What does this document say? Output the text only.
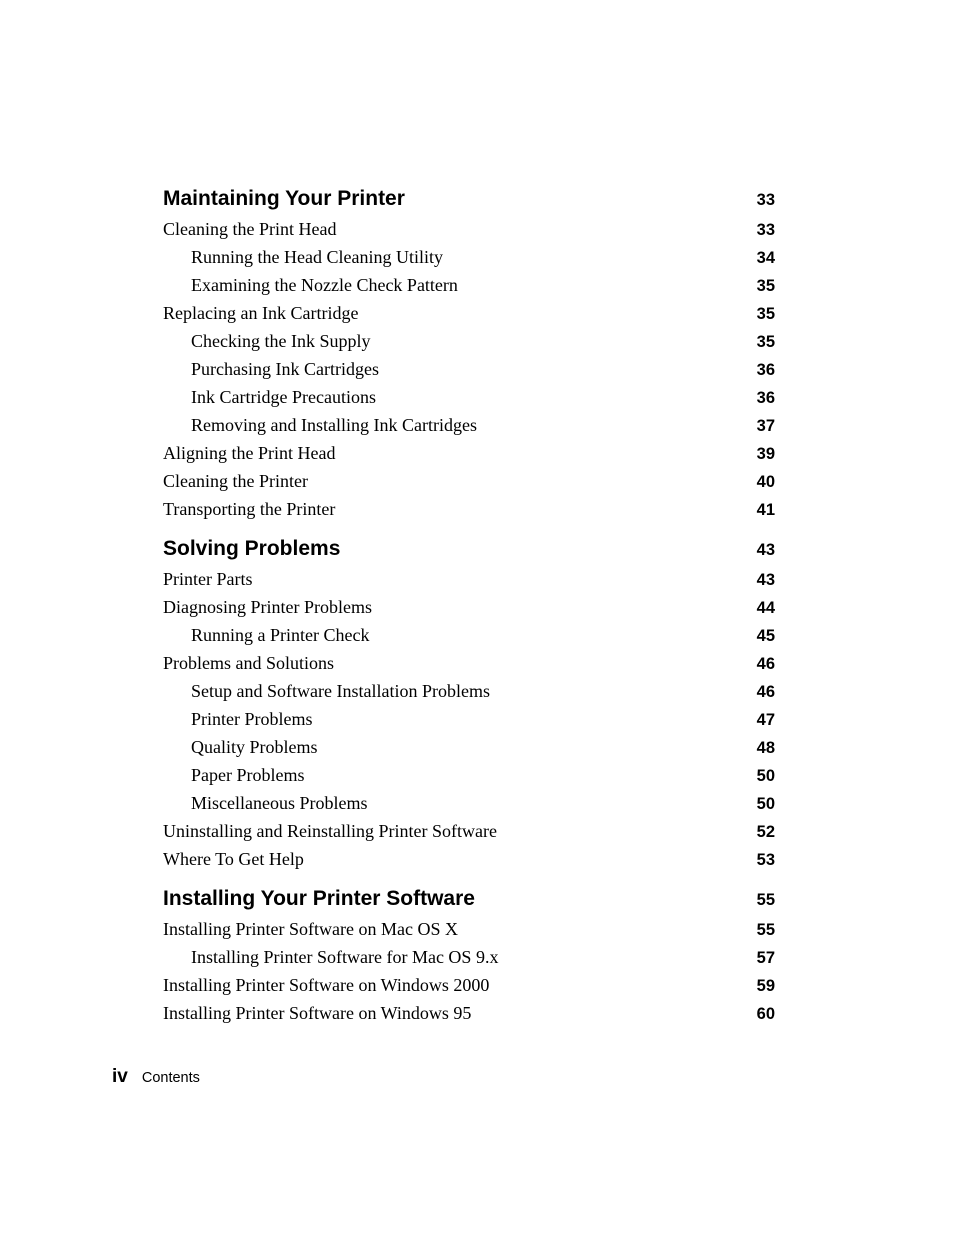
Maintaining Your Printer	33
Cleaning the Print Head	33
Running the Head Cleaning Utility	34
Examining the Nozzle Check Pattern	35
Replacing an Ink Cartridge	35
Checking the Ink Supply	35
Purchasing Ink Cartridges	36
Ink Cartridge Precautions	36
Removing and Installing Ink Cartridges	37
Aligning the Print Head	39
Cleaning the Printer	40
Transporting the Printer	41
Solving Problems	43
Printer Parts	43
Diagnosing Printer Problems	44
Running a Printer Check	45
Problems and Solutions	46
Setup and Software Installation Problems	46
Printer Problems	47
Quality Problems	48
Paper Problems	50
Miscellaneous Problems	50
Uninstalling and Reinstalling Printer Software	52
Where To Get Help	53
Installing Your Printer Software	55
Installing Printer Software on Mac OS X	55
Installing Printer Software for Mac OS 9.x	57
Installing Printer Software on Windows 2000	59
Installing Printer Software on Windows 95	60
iv Contents
